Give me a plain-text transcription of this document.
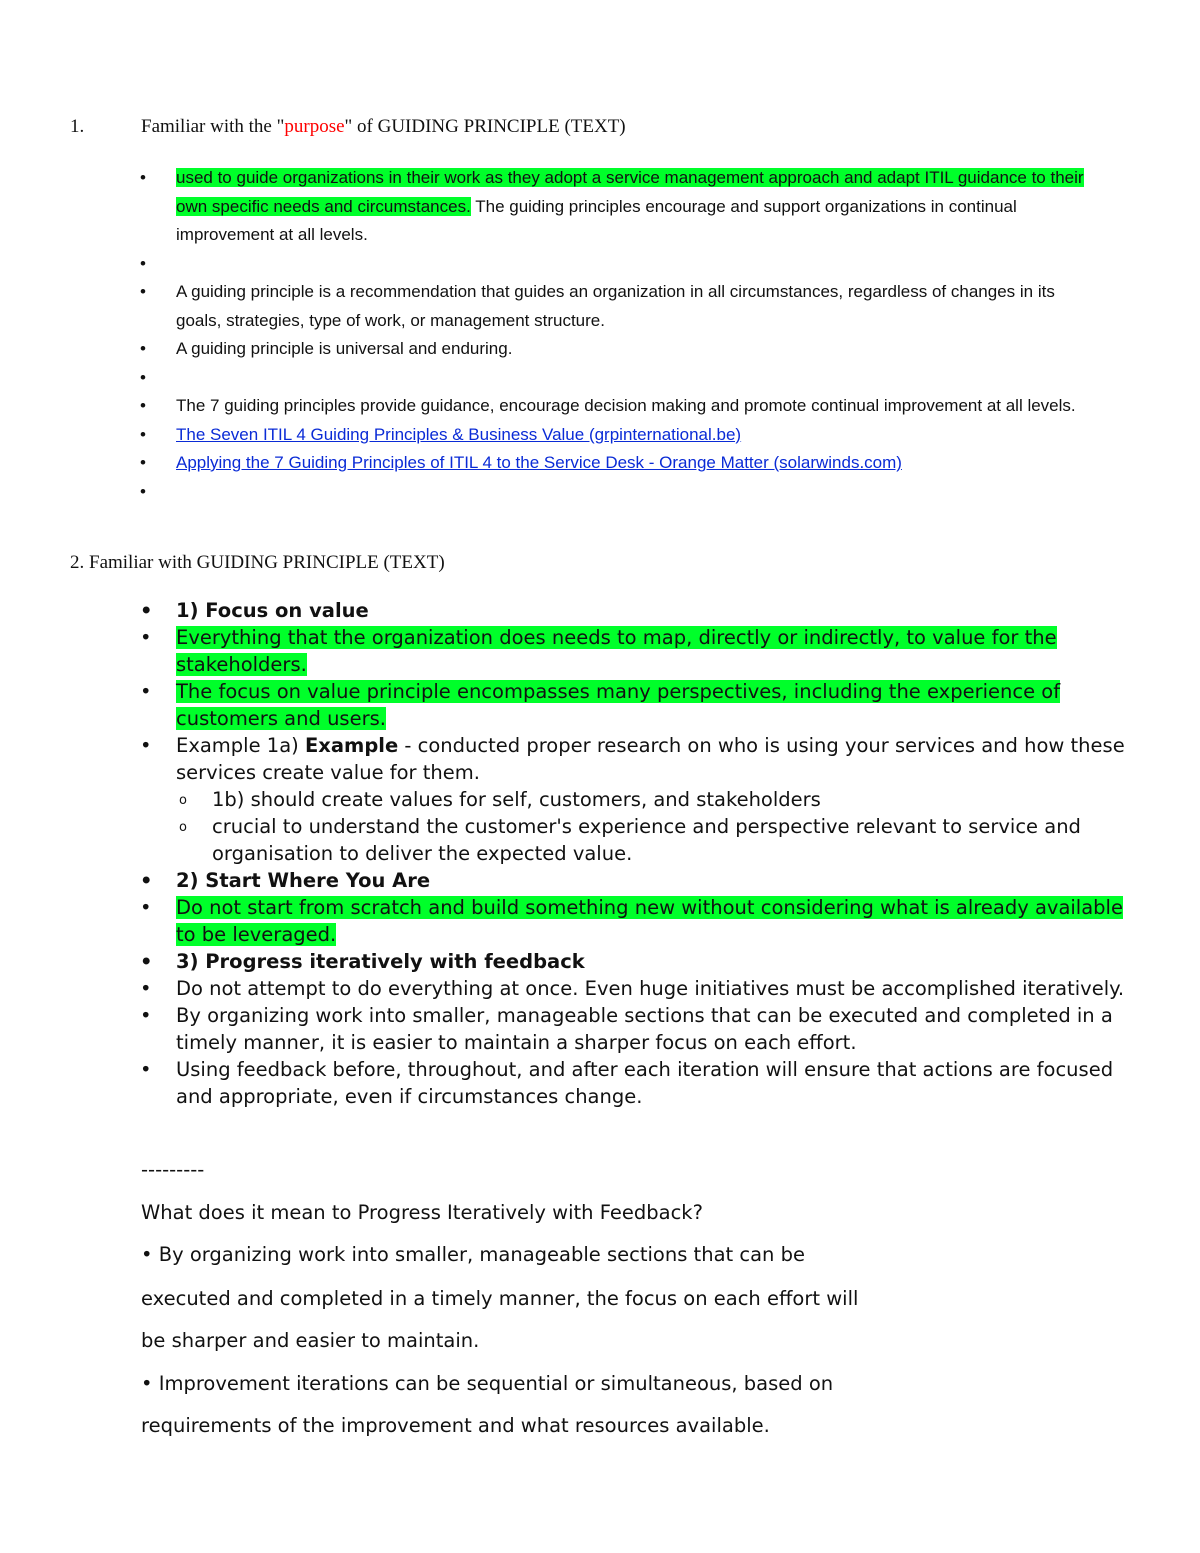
1.	Familiar with the "purpose" of GUIDING PRINCIPLE (TEXT)
• used to guide organizations in their work as they adopt a service management approach and adapt ITIL guidance to their own specific needs and circumstances. The guiding principles encourage and support organizations in continual improvement at all levels.
•
• A guiding principle is a recommendation that guides an organization in all circumstances, regardless of changes in its goals, strategies, type of work, or management structure.
• A guiding principle is universal and enduring.
•
• The 7 guiding principles provide guidance, encourage decision making and promote continual improvement at all levels.
• The Seven ITIL 4 Guiding Principles & Business Value (grpinternational.be)
• Applying the 7 Guiding Principles of ITIL 4 to the Service Desk - Orange Matter (solarwinds.com)
•
2. Familiar with GUIDING PRINCIPLE (TEXT)
• 1) Focus on value
• Everything that the organization does needs to map, directly or indirectly, to value for the stakeholders.
• The focus on value principle encompasses many perspectives, including the experience of customers and users.
• Example 1a) Example - conducted proper research on who is using your services and how these services create value for them.
o 1b) should create values for self, customers, and stakeholders
o crucial to understand the customer's experience and perspective relevant to service and organisation to deliver the expected value.
• 2) Start Where You Are
• Do not start from scratch and build something new without considering what is already available to be leveraged.
• 3) Progress iteratively with feedback
• Do not attempt to do everything at once. Even huge initiatives must be accomplished iteratively.
• By organizing work into smaller, manageable sections that can be executed and completed in a timely manner, it is easier to maintain a sharper focus on each effort.
• Using feedback before, throughout, and after each iteration will ensure that actions are focused and appropriate, even if circumstances change.
---------
What does it mean to Progress Iteratively with Feedback?
• By organizing work into smaller, manageable sections that can be
executed and completed in a timely manner, the focus on each effort will
be sharper and easier to maintain.
• Improvement iterations can be sequential or simultaneous, based on
requirements of the improvement and what resources available.
